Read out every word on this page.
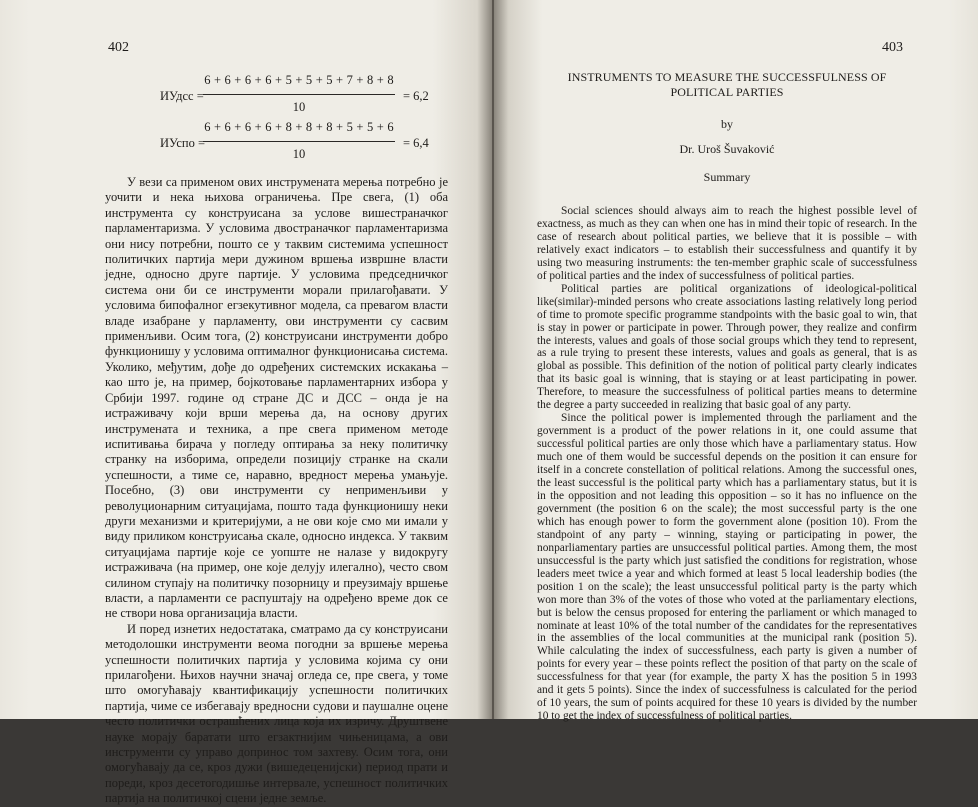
402
ИУдсс =
6 + 6 + 6 + 6 + 5 + 5 + 5 + 7 + 8 + 8
10
= 6,2
ИУспо =
6 + 6 + 6 + 6 + 8 + 8 + 8 + 5 + 5 + 6
10
= 6,4

У вези са применом ових инструмената мерења потребно је уочити и нека њихова ограничења. Пре свега, (1) оба инструмента су конструисана за услове вишестраначког парламентаризма. У условима двостраначког парламентаризма они нису потребни, пошто се у таквим системима успешност политичких партија мери дужином вршења извршне власти једне, односно друге партије. У условима председничког система они би се инструменти морали прилагођавати. У условима бипофалног егзекутивног модела, са превагом власти владе изабране у парламенту, ови инструменти су сасвим применљиви. Осим тога, (2) конструисани инструменти добро функционишу у условима оптималног функционисања система. Уколико, међутим, дође до одређених системских искакања – као што је, на пример, бојкотовање парламентарних избора у Србији 1997. године од стране ДС и ДСС – онда је на истраживачу који врши мерења да, на основу других инструмената и техника, а пре свега применом методе испитивања бирача у погледу оптирања за неку политичку странку на изборима, определи позицију странке на скали успешности, а тиме се, наравно, вредност мерења умањује. Посебно, (3) ови инструменти су неприменљиви у револуционарним ситуацијама, пошто тада функционишу неки други механизми и критеријуми, а не ови које смо ми имали у виду приликом конструисања скале, односно индекса. У таквим ситуацијама партије које се уопште не налазе у видокругу истраживача (на пример, оне које делују илегално), често свом силином ступају на политичку позорницу и преузимају вршење власти, а парламенти се распуштају на одређено време док се не створи нова организација власти.

И поред изнетих недостатака, сматрамо да су конструисани методолошки инструменти веома погодни за вршење мерења успешности политичких партија у условима којима су они прилагођени. Њихов научни значај огледа се, пре свега, у томе што омогућавају квантификацију успешности политичких партија, чиме се избегавају вредносни судови и паушалне оцене често политички острашћених лица која их изричу. Друштвене науке морају баратати што егзактнијим чињеницама, а ови инструменти су управо допринос том захтеву. Осим тога, они омогућавају да се, кроз дужи (вишедеценијски) период прати и пореди, кроз десетогодишње интервале, успешност политичких партија на политичкој сцени једне земље.

403

INSTRUMENTS TO MEASURE THE SUCCESSFULNESS OF POLITICAL PARTIES

by

Dr. Uroš Šuvaković

Summary

Social sciences should always aim to reach the highest possible level of exactness, as much as they can when one has in mind their topic of research. In the case of research about political parties, we believe that it is possible – with relatively exact indicators – to establish their successfulness and quantify it by using two measuring instruments: the ten-member graphic scale of successfulness of political parties and the index of successfulness of political parties.

Political parties are political organizations of ideological-political like(similar)-minded persons who create associations lasting relatively long period of time to promote specific programme standpoints with the basic goal to win, that is stay in power or participate in power. Through power, they realize and confirm the interests, values and goals of those social groups which they tend to represent, as a rule trying to present these interests, values and goals as general, that is as global as possible. This definition of the notion of political party clearly indicates that its basic goal is winning, that is staying or at least participating in power. Therefore, to measure the successfulness of political parties means to determine the degree a party succeeded in realizing that basic goal of any party.

Since the political power is implemented through the parliament and the government is a product of the power relations in it, one could assume that successful political parties are only those which have a parliamentary status. How much one of them would be successful depends on the position it can ensure for itself in a concrete constellation of political relations. Among the successful ones, the least successful is the political party which has a parliamentary status, but it is in the opposition and not leading this opposition – so it has no influence on the government (the position 6 on the scale); the most successful party is the one which has enough power to form the government alone (position 10). From the standpoint of any party – winning, staying or participating in power, the nonparliamentary parties are unsuccessful political parties. Among them, the most unsuccessful is the party which just satisfied the conditions for registration, whose leaders meet twice a year and which formed at least 5 local leadership bodies (the position 1 on the scale); the least unsuccessful political party is the party which won more than 3% of the votes of those who voted at the parliamentary elections, but is below the census proposed for entering the parliament or which managed to nominate at least 10% of the total number of the candidates for the representatives in the assemblies of the local communities at the municipal rank (position 5). While calculating the index of successfulness, each party is given a number of points for every year – these points reflect the position of that party on the scale of successfulness for that year (for example, the party X has the position 5 in 1993 and it gets 5 points). Since the index of successfulness is calculated for the period of 10 years, the sum of points acquired for these 10 years is divided by the number 10 to get the index of successfulness of political parties.
